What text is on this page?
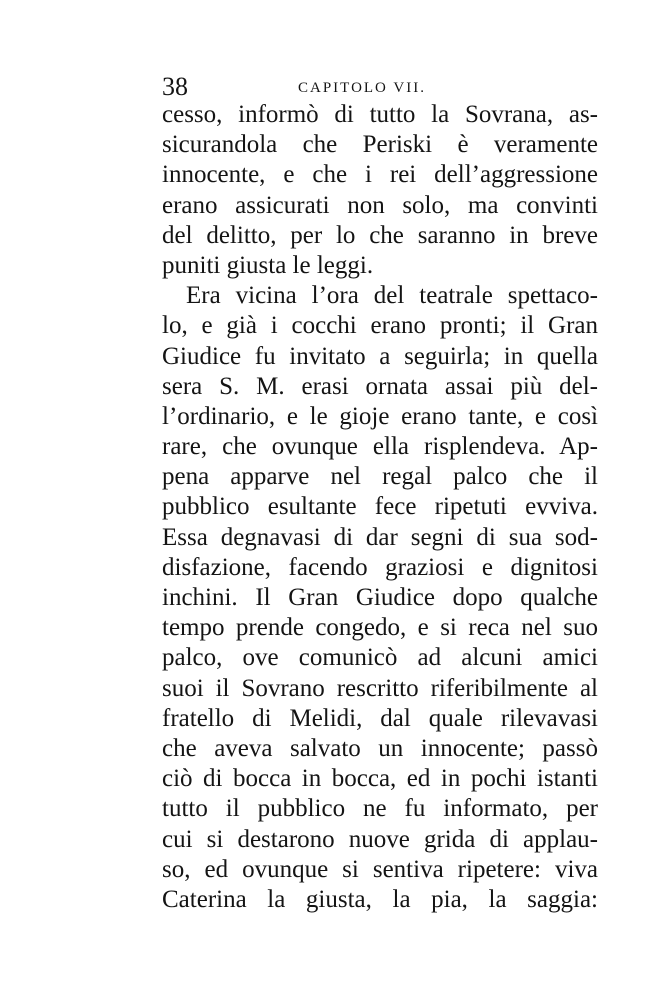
38	CAPITOLO VII.
cesso, informò di tutto la Sovrana, as-
sicurandola che Periski è veramente
innocente, e che i rei dell’aggressione
erano assicurati non solo, ma convinti
del delitto, per lo che saranno in breve
puniti giusta le leggi.
Era vicina l’ora del teatrale spettaco-
lo, e già i cocchi erano pronti; il Gran
Giudice fu invitato a seguirla; in quella
sera S. M. erasi ornata assai più del-
l’ordinario, e le gioje erano tante, e così
rare, che ovunque ella risplendeva. Ap-
pena apparve nel regal palco che il
pubblico esultante fece ripetuti evviva.
Essa degnavasi di dar segni di sua sod-
disfazione, facendo graziosi e dignitosi
inchini. Il Gran Giudice dopo qualche
tempo prende congedo, e si reca nel suo
palco, ove comunicò ad alcuni amici
suoi il Sovrano rescritto riferibilmente al
fratello di Melidi, dal quale rilevavasi
che aveva salvato un innocente; passò
ciò di bocca in bocca, ed in pochi istanti
tutto il pubblico ne fu informato, per
cui si destarono nuove grida di applau-
so, ed ovunque si sentiva ripetere: viva
Caterina la giusta, la pia, la saggia:
